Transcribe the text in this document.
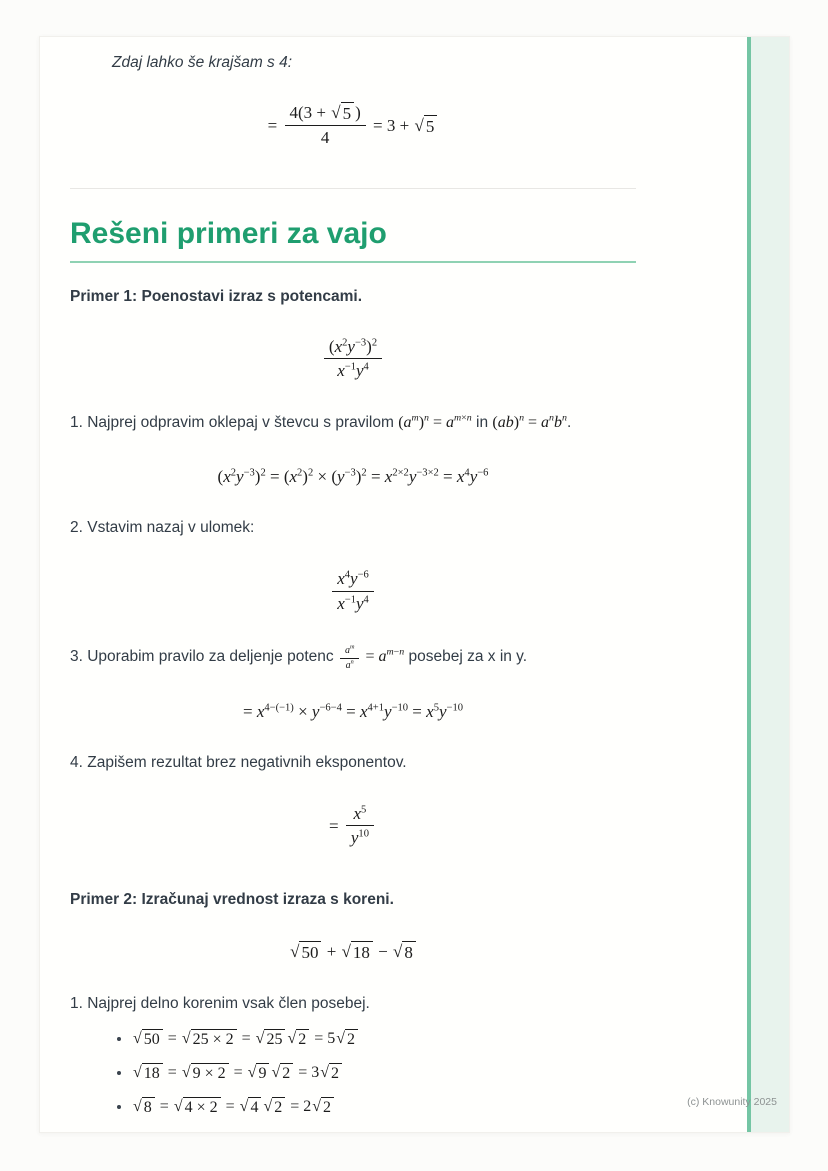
Zdaj lahko še krajšam s 4:

= $\frac{4(3 + √ 5 )}{4} = 3$ + √ 5
Rešeni primeri za vajo
Primer 1: Poenostavi izraz s potencami.
$\frac{(x^2y^{-3})^2}{x^{-1}y^4}$

1. Najprej odpravim oklepaj v števcu s pravilom $(a^m)^n = a^{m\times n}$ in $(ab)^n = a^nb^n$.

$(x^2y^{-3})^2 = (x^2)^2 \times (y^{-3})^2 = x^{2\times 2}y^{-3\times 2} = x^4y^{-6}$

2. Vstavim nazaj v ulomek:

$\frac{x^4y^{-6}}{x^{-1}y^4}$

3. Uporabim pravilo za deljenje potenc $\frac{a^m}{a^n} = a^{m-n}$ posebej za x in y.

= $x^{4-(-1)} \times y^{-6-4} = x^{4+1}y^{-10} = x^5y^{-10}$

4. Zapišem rezultat brez negativnih eksponentov.

= $\frac{x^5}{y^{10}}$
Primer 2: Izračunaj vrednost izraza s koreni.
√ 50 + √ 18 − √ 8

1. Najprej delno korenim vsak člen posebej.

• √ 50 = √ 25 × 2 = √ 25 √ 2 = 5 √ 2
• √ 18 = √ 9 × 2 = √ 9 √ 2 = 3 √ 2
• √ 8 = √ 4 × 2 = √ 4 √ 2 = 2 √ 2	(c) Knowunity 2025
